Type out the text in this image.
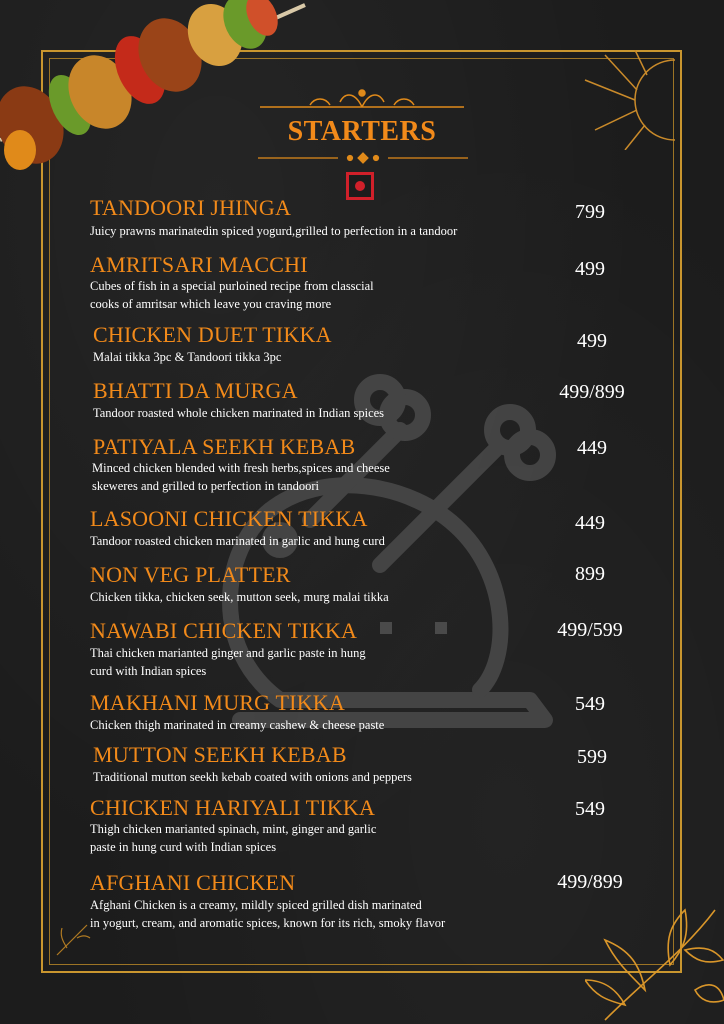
STARTERS
TANDOORI JHINGA
Juicy prawns marinatedin spiced yogurd,grilled to perfection in a tandoor
799
AMRITSARI MACCHI
Cubes of fish in a special purloined recipe from classcial
cooks of amritsar which leave you craving more
499
CHICKEN DUET TIKKA
Malai tikka 3pc & Tandoori tikka 3pc
499
BHATTI DA MURGA
Tandoor roasted whole chicken marinated in Indian spices
499/899
PATIYALA SEEKH KEBAB
Minced chicken blended with fresh herbs,spices and cheese
skeweres and grilled to perfection in tandoori
449
LASOONI CHICKEN TIKKA
Tandoor roasted chicken marinated in garlic and hung curd
449
NON VEG PLATTER
Chicken tikka, chicken seek, mutton seek, murg malai tikka
899
NAWABI CHICKEN TIKKA
Thai chicken marianted ginger and garlic paste in hung
curd with Indian spices
499/599
MAKHANI MURG TIKKA
Chicken thigh marinated in creamy cashew & cheese paste
549
MUTTON SEEKH KEBAB
Traditional mutton seekh kebab coated with onions and peppers
599
CHICKEN HARIYALI TIKKA
Thigh chicken marianted spinach, mint, ginger and garlic
paste in hung curd with Indian spices
549
AFGHANI CHICKEN
Afghani Chicken is a creamy, mildly spiced grilled dish marinated
in yogurt, cream, and aromatic spices, known for its rich, smoky flavor
499/899
